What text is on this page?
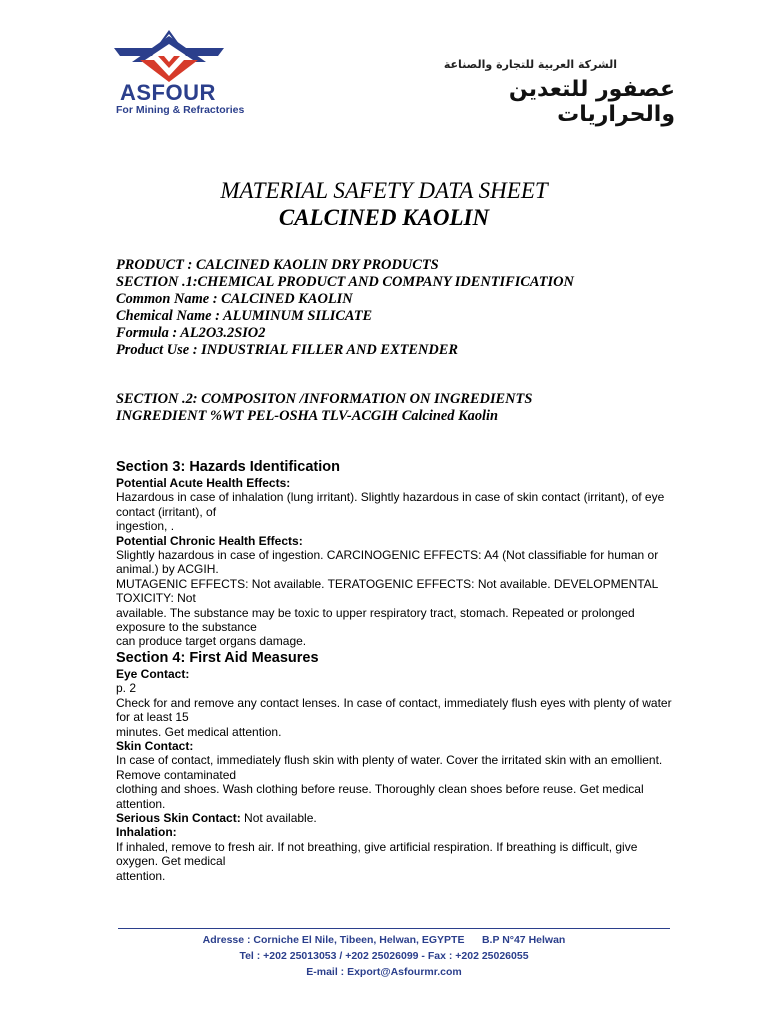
ASFOUR
For Mining & Refractories
الشركة العربية للتجارة والصناعة
عصفور للتعدين والحراريات
MATERIAL SAFETY DATA SHEET
CALCINED KAOLIN
PRODUCT : CALCINED KAOLIN DRY PRODUCTS
SECTION .1:CHEMICAL PRODUCT AND COMPANY IDENTIFICATION
Common Name : CALCINED KAOLIN
Chemical Name : ALUMINUM SILICATE
Formula : AL2O3.2SIO2
Product Use : INDUSTRIAL FILLER AND EXTENDER
SECTION .2: COMPOSITON /INFORMATION ON INGREDIENTS
INGREDIENT %WT PEL-OSHA TLV-ACGIH Calcined Kaolin
Section 3: Hazards Identification
Potential Acute Health Effects:

Hazardous in case of inhalation (lung irritant). Slightly hazardous in case of skin contact (irritant), of eye

contact (irritant), of

ingestion, .

Potential Chronic Health Effects:

Slightly hazardous in case of ingestion. CARCINOGENIC EFFECTS: A4 (Not classifiable for human or

animal.) by ACGIH.

MUTAGENIC EFFECTS: Not available. TERATOGENIC EFFECTS: Not available. DEVELOPMENTAL

TOXICITY: Not

available. The substance may be toxic to upper respiratory tract, stomach. Repeated or prolonged

exposure to the substance

can produce target organs damage.

Section 4: First Aid Measures
Eye Contact:

p. 2

Check for and remove any contact lenses. In case of contact, immediately flush eyes with plenty of water

for at least 15

minutes. Get medical attention.

Skin Contact:

In case of contact, immediately flush skin with plenty of water. Cover the irritated skin with an emollient.

Remove contaminated

clothing and shoes. Wash clothing before reuse. Thoroughly clean shoes before reuse. Get medical

attention.

Serious Skin Contact: Not available.

Inhalation:

If inhaled, remove to fresh air. If not breathing, give artificial respiration. If breathing is difficult, give

oxygen. Get medical

attention.

Adresse : Corniche El Nile, Tibeen, Helwan, EGYPTE      B.P N°47 Helwan
Tel : +202 25013053 / +202 25026099 - Fax : +202 25026055
E-mail : Export@Asfourmr.com
